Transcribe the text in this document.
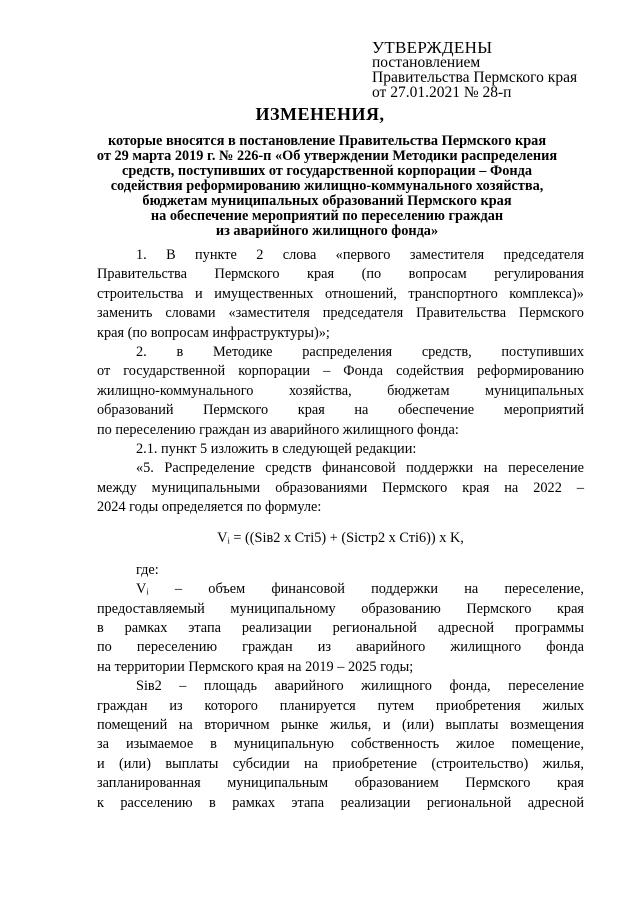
УТВЕРЖДЕНЫ
постановлением
Правительства Пермского края
от 27.01.2021 № 28-п
ИЗМЕНЕНИЯ,
которые вносятся в постановление Правительства Пермского края
от 29 марта 2019 г. № 226-п «Об утверждении Методики распределения
средств, поступивших от государственной корпорации – Фонда
содействия реформированию жилищно-коммунального хозяйства,
бюджетам муниципальных образований Пермского края
на обеспечение мероприятий по переселению граждан
из аварийного жилищного фонда»
1. В пункте 2 слова «первого заместителя председателя
Правительства Пермского края (по вопросам регулирования
строительства и имущественных отношений, транспортного комплекса)»
заменить словами «заместителя председателя Правительства Пермского
края (по вопросам инфраструктуры)»;
2. в Методике распределения средств, поступивших
от государственной корпорации – Фонда содействия реформированию
жилищно-коммунального хозяйства, бюджетам муниципальных
образований Пермского края на обеспечение мероприятий
по переселению граждан из аварийного жилищного фонда:
2.1. пункт 5 изложить в следующей редакции:
«5. Распределение средств финансовой поддержки на переселение
между муниципальными образованиями Пермского края на 2022 –
2024 годы определяется по формуле:
Vᵢ = ((Siв2 x Стi5) + (Siстр2 x Стi6)) x K,
где:
Vᵢ – объем финансовой поддержки на переселение,
предоставляемый муниципальному образованию Пермского края
в рамках этапа реализации региональной адресной программы
по переселению граждан из аварийного жилищного фонда
на территории Пермского края на 2019 – 2025 годы;
Siв2 – площадь аварийного жилищного фонда, переселение
граждан из которого планируется путем приобретения жилых
помещений на вторичном рынке жилья, и (или) выплаты возмещения
за изымаемое в муниципальную собственность жилое помещение,
и (или) выплаты субсидии на приобретение (строительство) жилья,
запланированная муниципальным образованием Пермского края
к расселению в рамках этапа реализации региональной адресной
